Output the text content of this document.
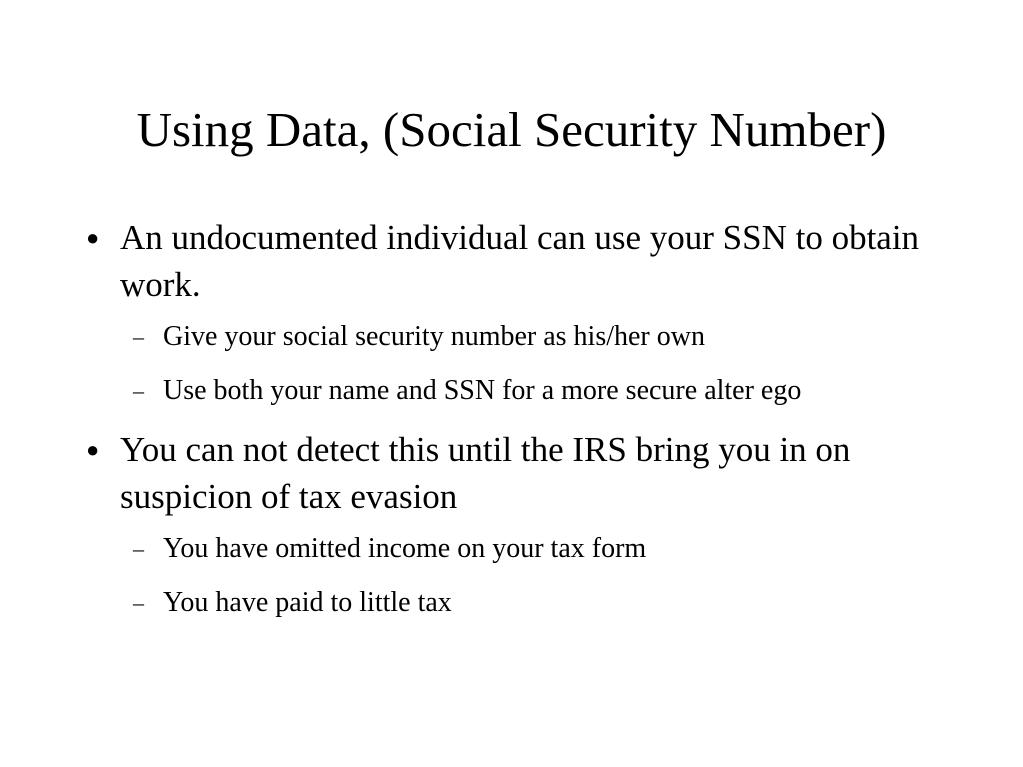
Using Data, (Social Security Number)

● An undocumented individual can use your SSN to obtain work.

– Give your social security number as his/her own

– Use both your name and SSN for a more secure alter ego

● You can not detect this until the IRS bring you in on suspicion of tax evasion

– You have omitted income on your tax form

– You have paid to little tax
